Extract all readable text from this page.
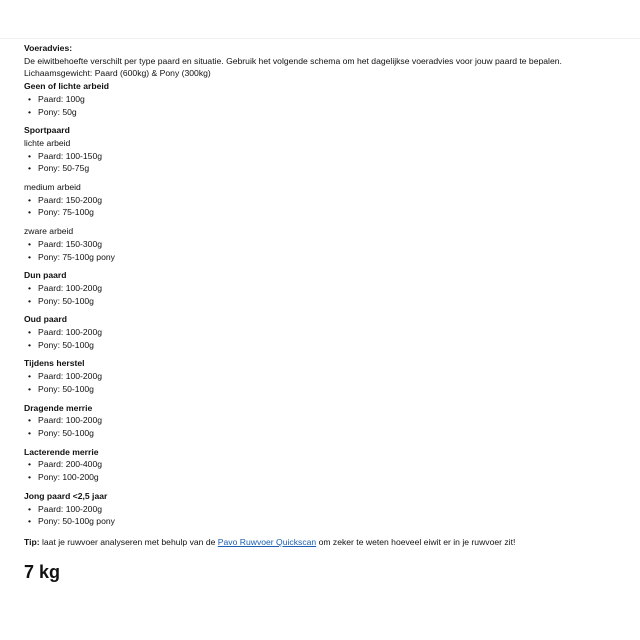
Voeradvies:
De eiwitbehoefte verschilt per type paard en situatie. Gebruik het volgende schema om het dagelijkse voeradvies voor jouw paard te bepalen.
Lichaamsgewicht: Paard (600kg) & Pony (300kg)
Geen of lichte arbeid
• Paard: 100g
• Pony: 50g
Sportpaard
lichte arbeid
• Paard: 100-150g
• Pony: 50-75g
medium arbeid
• Paard: 150-200g
• Pony: 75-100g
zware arbeid
• Paard: 150-300g
• Pony: 75-100g pony
Dun paard
• Paard: 100-200g
• Pony: 50-100g
Oud paard
• Paard: 100-200g
• Pony: 50-100g
Tijdens herstel
• Paard: 100-200g
• Pony: 50-100g
Dragende merrie
• Paard: 100-200g
• Pony: 50-100g
Lacterende merrie
• Paard: 200-400g
• Pony: 100-200g
Jong paard <2,5 jaar
• Paard: 100-200g
• Pony: 50-100g pony
Tip: laat je ruwvoer analyseren met behulp van de Pavo Ruwvoer Quickscan om zeker te weten hoeveel eiwit er in je ruwvoer zit!
7 kg
